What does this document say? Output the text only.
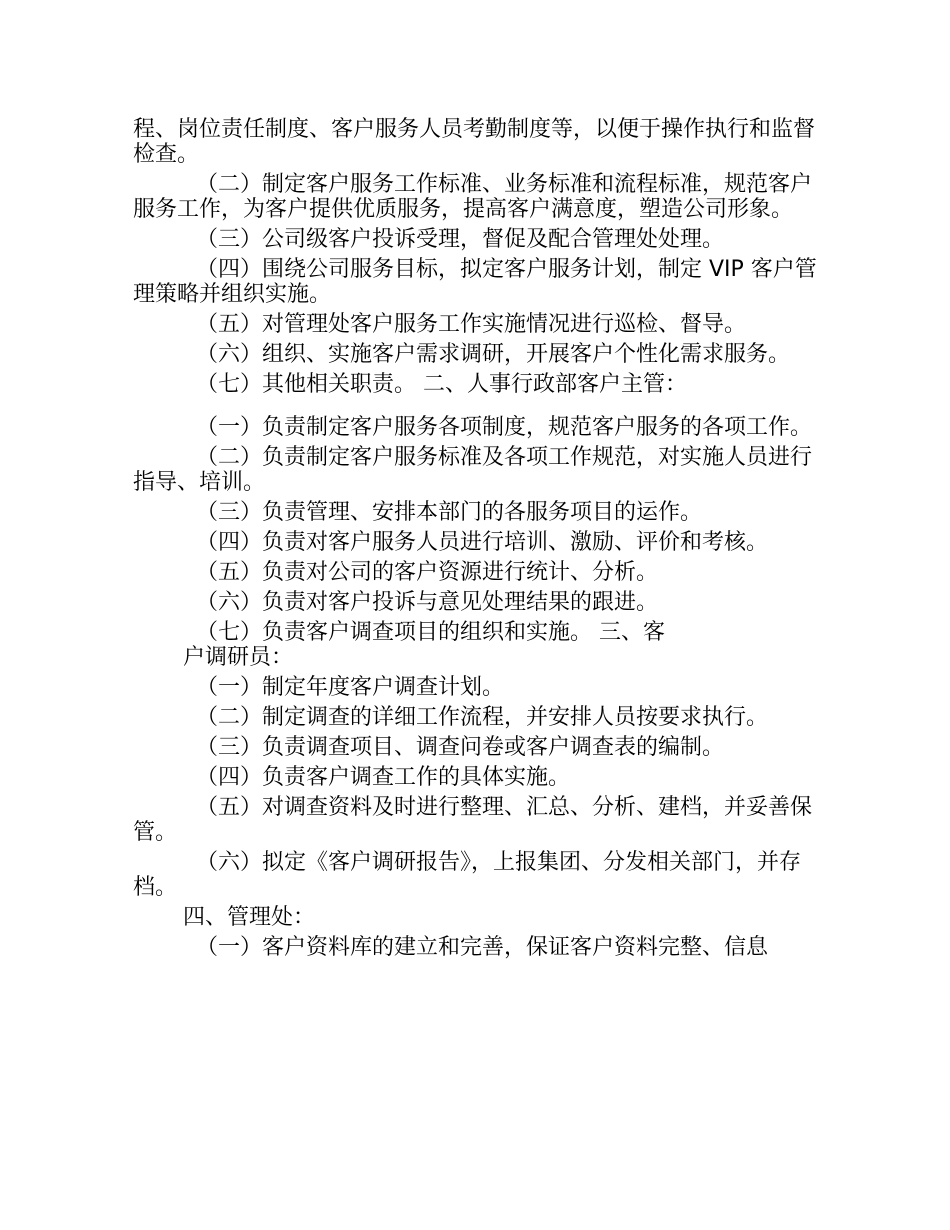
程、岗位责任制度、客户服务人员考勤制度等，以便于操作执行和监督检查。

（二）制定客户服务工作标准、业务标准和流程标准，规范客户服务工作，为客户提供优质服务，提高客户满意度，塑造公司形象。

（三）公司级客户投诉受理，督促及配合管理处处理。

（四）围绕公司服务目标，拟定客户服务计划，制定 VIP 客户管理策略并组织实施。

（五）对管理处客户服务工作实施情况进行巡检、督导。

（六）组织、实施客户需求调研，开展客户个性化需求服务。

（七）其他相关职责。 二、人事行政部客户主管：

（一）负责制定客户服务各项制度，规范客户服务的各项工作。

（二）负责制定客户服务标准及各项工作规范，对实施人员进行指导、培训。

（三）负责管理、安排本部门的各服务项目的运作。

（四）负责对客户服务人员进行培训、激励、评价和考核。

（五）负责对公司的客户资源进行统计、分析。

（六）负责对客户投诉与意见处理结果的跟进。

（七）负责客户调查项目的组织和实施。 三、客

户调研员：

（一）制定年度客户调查计划。

（二）制定调查的详细工作流程，并安排人员按要求执行。

（三）负责调查项目、调查问卷或客户调查表的编制。

（四）负责客户调查工作的具体实施。

（五）对调查资料及时进行整理、汇总、分析、建档，并妥善保管。

（六）拟定《客户调研报告》，上报集团、分发相关部门，并存档。

四、管理处：

（一）客户资料库的建立和完善，保证客户资料完整、信息
